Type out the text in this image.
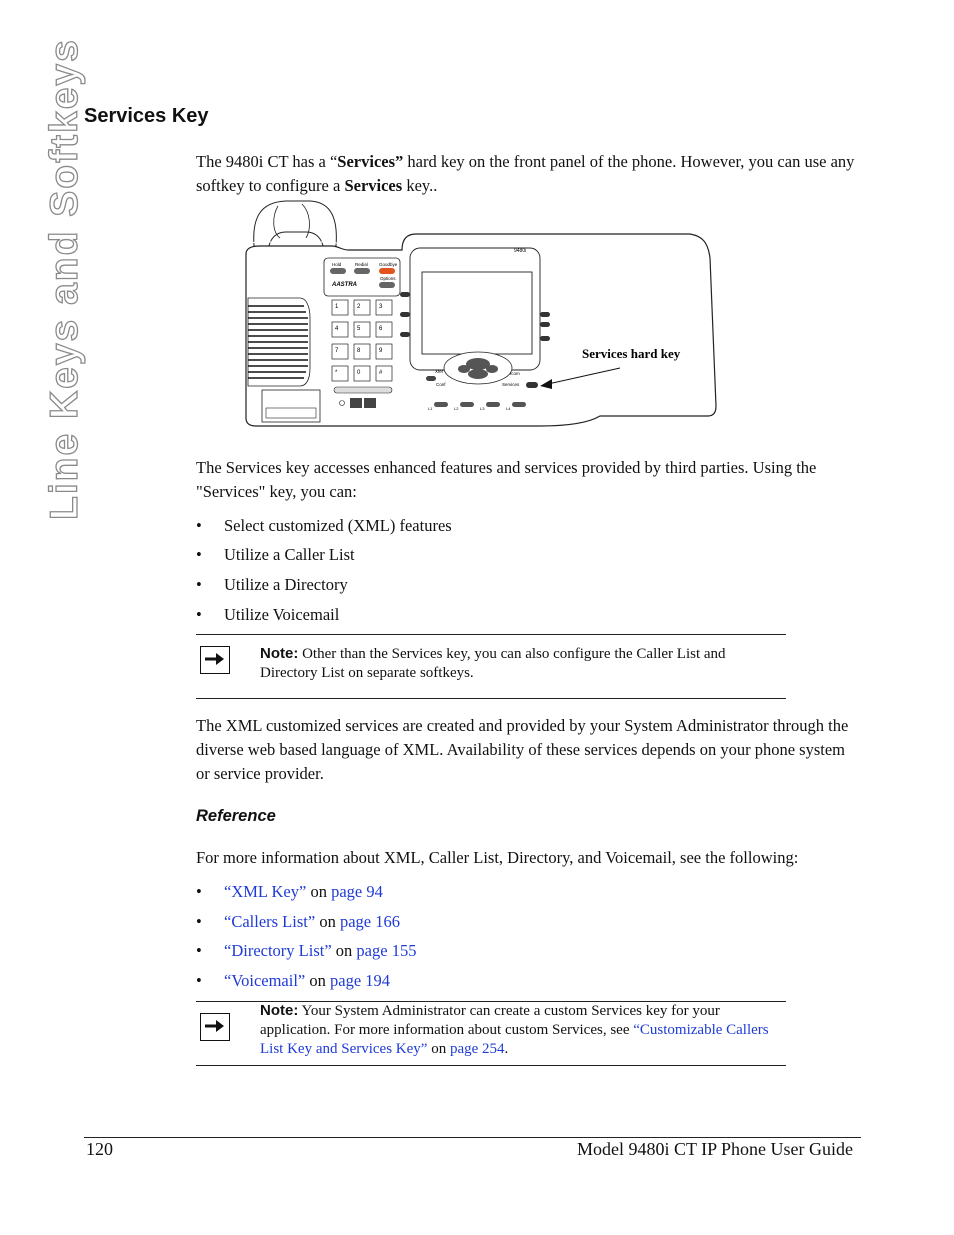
Line Keys and Softkeys
Services Key

The 9480i CT has a “Services” hard key on the front panel of the phone. However, you can use any softkey to configure a Services key..

Hold	Redial Goodbye
Options
AASTRA
1	2	3
4	5	6
7	8	9
*	0	#
9480i
Xfer	Icom
Conf	Services
L1	L2	L3	L4
Services hard key

The Services key accesses enhanced features and services provided by third parties. Using the "Services" key, you can:

• Select customized (XML) features
• Utilize a Caller List
• Utilize a Directory
• Utilize Voicemail
Note: Other than the Services key, you can also configure the Caller List and Directory List on separate softkeys.

The XML customized services are created and provided by your System Administrator through the diverse web based language of XML. Availability of these services depends on your phone system or service provider.

Reference

For more information about XML, Caller List, Directory, and Voicemail, see the following:

• “XML Key” on page 94
• “Callers List” on page 166
• “Directory List” on page 155
• “Voicemail” on page 194
Note: Your System Administrator can create a custom Services key for your application. For more information about custom Services, see “Customizable Callers List Key and Services Key” on page 254.
120	Model 9480i CT IP Phone User Guide
